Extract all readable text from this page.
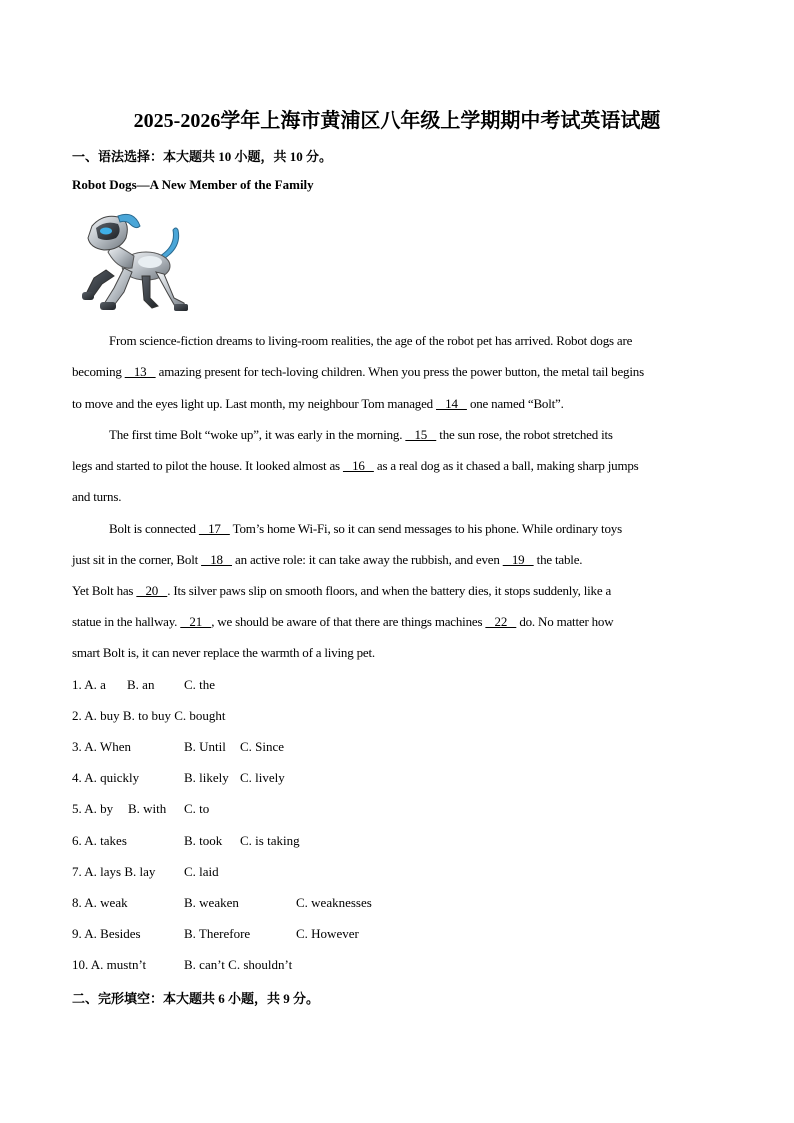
2025-2026学年上海市黄浦区八年级上学期期中考试英语试题
一、语法选择：本大题共 10 小题，共 10 分。
Robot Dogs—A New Member of the Family
From science-fiction dreams to living-room realities, the age of the robot pet has arrived. Robot dogs are
becoming    13    amazing present for tech-loving children. When you press the power button, the metal tail begins
to move and the eyes light up. Last month, my neighbour Tom managed    14    one named “Bolt”.
The first time Bolt “woke up”, it was early in the morning.    15    the sun rose, the robot stretched its
legs and started to pilot the house. It looked almost as    16    as a real dog as it chased a ball, making sharp jumps
and turns.
Bolt is connected    17    Tom’s home Wi-Fi, so it can send messages to his phone. While ordinary toys
just sit in the corner, Bolt    18    an active role: it can take away the rubbish, and even    19    the table.
Yet Bolt has    20   . Its silver paws slip on smooth floors, and when the battery dies, it stops suddenly, like a
statue in the hallway.    21   , we should be aware of that there are things machines    22    do. No matter how
smart Bolt is, it can never replace the warmth of a living pet.
1. A. a B. an C. the
2. A. buy B. to buy C. bought
3. A. When	B. Until C. Since
4. A. quickly	B. likely C. lively
5. A. by B. with C. to
6. A. takes	B. took C. is taking
7. A. lays B. lay C. laid
8. A. weak	B. weaken	C. weaknesses
9. A. Besides	B. Therefore	C. However
10. A. mustn’t	B. can’t C. shouldn’t
二、完形填空：本大题共 6 小题，共 9 分。
